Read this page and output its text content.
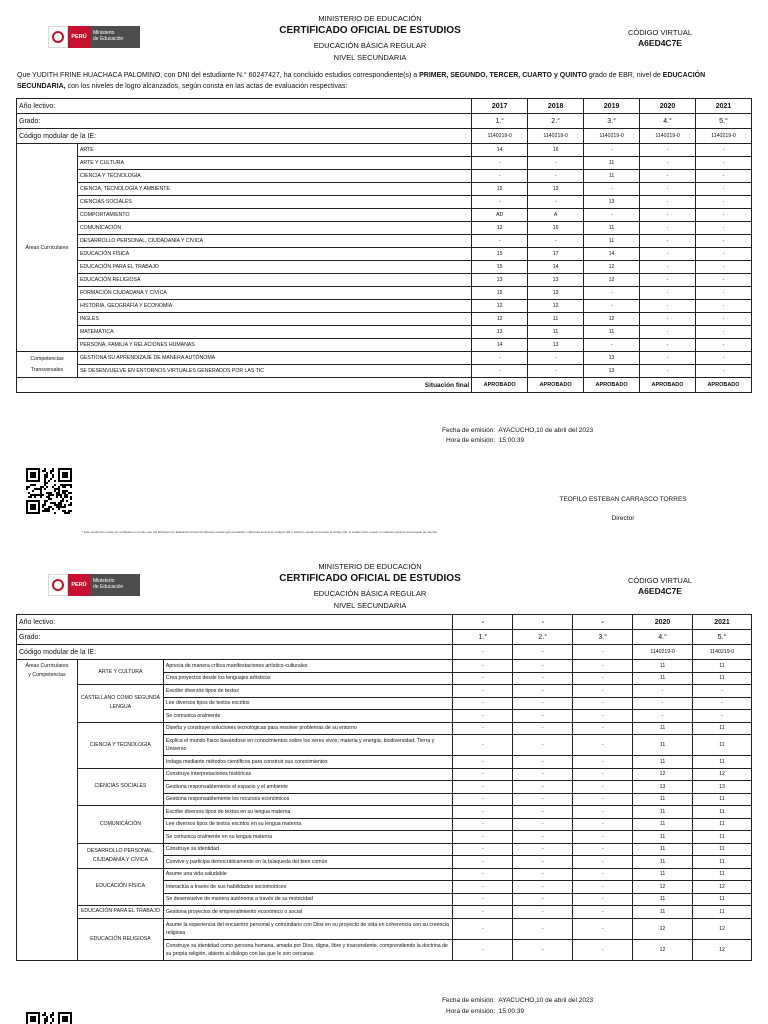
PERÚ
Ministerio
de Educación
MINISTERIO DE EDUCACIÓN
CERTIFICADO OFICIAL DE ESTUDIOS
EDUCACIÓN BÁSICA REGULAR
NIVEL SECUNDARIA
CÓDIGO VIRTUAL
A6ED4C7E
Que YUDITH FRINE HUACHACA PALOMINO, con DNI del estudiante N.° 60247427, ha concluido estudios correspondiente(s) a PRIMER, SEGUNDO, TERCER, CUARTO y QUINTO grado de EBR, nivel de EDUCACIÓN SECUNDARIA, con los niveles de logro alcanzados, según consta en las actas de evaluación respectivas:
Año lectivo:		2017	2018	2019	2020	2021
Grado:		1.°	2.°	3.°	4.°	5.°
Código modular de la IE:		1140219-0	1140219-0	1140219-0	1140219-0	1140219-0
Áreas Curriculares	ARTE	14	16	-	-	-
	ARTE Y CULTURA	-	-	11	-	-
	CIENCIA Y TECNOLOGÍA	-	-	11	-	-
	CIENCIA, TECNOLOGÍA Y AMBIENTE	15	13	-	-	-
	CIENCIAS SOCIALES	-	-	13	-	-
	COMPORTAMIENTO	AD	A	-	-	-
	COMUNICACIÓN	12	16	11	-	-
	DESARROLLO PERSONAL, CIUDADANÍA Y CÍVICA	-	-	11	-	-
	EDUCACIÓN FÍSICA	15	17	14	-	-
	EDUCACIÓN PARA EL TRABAJO	15	14	12	-	-
	EDUCACIÓN RELIGIOSA	13	13	12	-	-
	FORMACIÓN CIUDADANA Y CÍVICA	15	13	-	-	-
	HISTORIA, GEOGRAFÍA Y ECONOMÍA	12	12	-	-	-
	INGLÉS	12	11	12	-	-
	MATEMÁTICA	13	11	11	-	-
	PERSONA, FAMILIA Y RELACIONES HUMANAS	14	13	-	-	-

Competencias
Transversales	GESTIONA SU APRENDIZAJE DE MANERA AUTÓNOMA	-	-	13	-	-
	SE DESENVUELVE EN ENTORNOS VIRTUALES GENERADOS POR LAS TIC	-	-	13	-	-
Situación final		APROBADO	APROBADO	APROBADO	APROBADO	APROBADO
Fecha de emisión: AYACUCHO,10 de abril del 2023
Hora de emisión: 15:00:39
TEOFILO ESTEBAN CARRASCO TORRES
Director
* Este certificado puede ser verificado en el sitio web del Ministerio de Educación (https://certificado.minedu.gob.pe/validar), utilizando lectora de códigos QR o teléfono celular enfocando al código QR, el celular debe poseer un software gratuito descargado de internet.
PERÚ
Ministerio
de Educación
MINISTERIO DE EDUCACIÓN
CERTIFICADO OFICIAL DE ESTUDIOS
EDUCACIÓN BÁSICA REGULAR
NIVEL SECUNDARIA
CÓDIGO VIRTUAL
A6ED4C7E
Año lectivo:			-	-	-	2020	2021
Grado:			1.°	2.°	3.°	4.°	5.°
Código modular de la IE:			-	-	-	1140219-0	1140219-0

Áreas Curriculares
y Competencias	ARTE Y CULTURA	Aprecia de manera crítica manifestaciones artístico-culturales	-	-	-	11	11
		Crea proyectos desde los lenguajes artísticos	-	-	-	11	11
	CASTELLANO COMO SEGUNDA LENGUA	Escribe diversos tipos de textos	-	-	-	-	-
		Lee diversos tipos de textos escritos	-	-	-	-	-
		Se comunica oralmente	-	-	-	-	-
	CIENCIA Y TECNOLOGÍA	Diseña y construye soluciones tecnológicas para resolver problemas de su entorno	-	-	-	11	11
		Explica el mundo físico basándose en conocimientos sobre los seres vivos; materia y energía; biodiversidad, Tierra y Universo	-	-	-	11	11
		Indaga mediante métodos científicos para construir sus conocimientos	-	-	-	11	11
	CIENCIAS SOCIALES	Construye interpretaciones históricas	-	-	-	12	12
		Gestiona responsablemente el espacio y el ambiente	-	-	-	13	13
		Gestiona responsablemente los recursos económicos	-	-	-	11	11
	COMUNICACIÓN	Escribe diversos tipos de textos en su lengua materna	-	-	-	11	11
		Lee diversos tipos de textos escritos en su lengua materna	-	-	-	11	11
		Se comunica oralmente en su lengua materna	-	-	-	11	11
	DESARROLLO PERSONAL, CIUDADANÍA Y CÍVICA	Construye su identidad	-	-	-	11	11
		Convive y participa democráticamente en la búsqueda del bien común	-	-	-	11	11
	EDUCACIÓN FÍSICA	Asume una vida saludable	-	-	-	11	11
		Interactúa a través de sus habilidades sociomotrices	-	-	-	12	12
		Se desenvuelve de manera autónoma a través de su motricidad	-	-	-	11	11
	EDUCACIÓN PARA EL TRABAJO	Gestiona proyectos de emprendimiento económico o social	-	-	-	11	11
	EDUCACIÓN RELIGIOSA	Asume la experiencia del encuentro personal y comunitario con Dios en su proyecto de vida en coherencia con su creencia religiosa	-	-	-	12	12
		Construye su identidad como persona humana, amada por Dios, digna, libre y trascendente, comprendiendo la doctrina de su propia religión, abierto al diálogo con las que le son cercanas	-	-	-	12	12
Fecha de emisión: AYACUCHO,10 de abril del 2023
Hora de emisión: 15:00:39
